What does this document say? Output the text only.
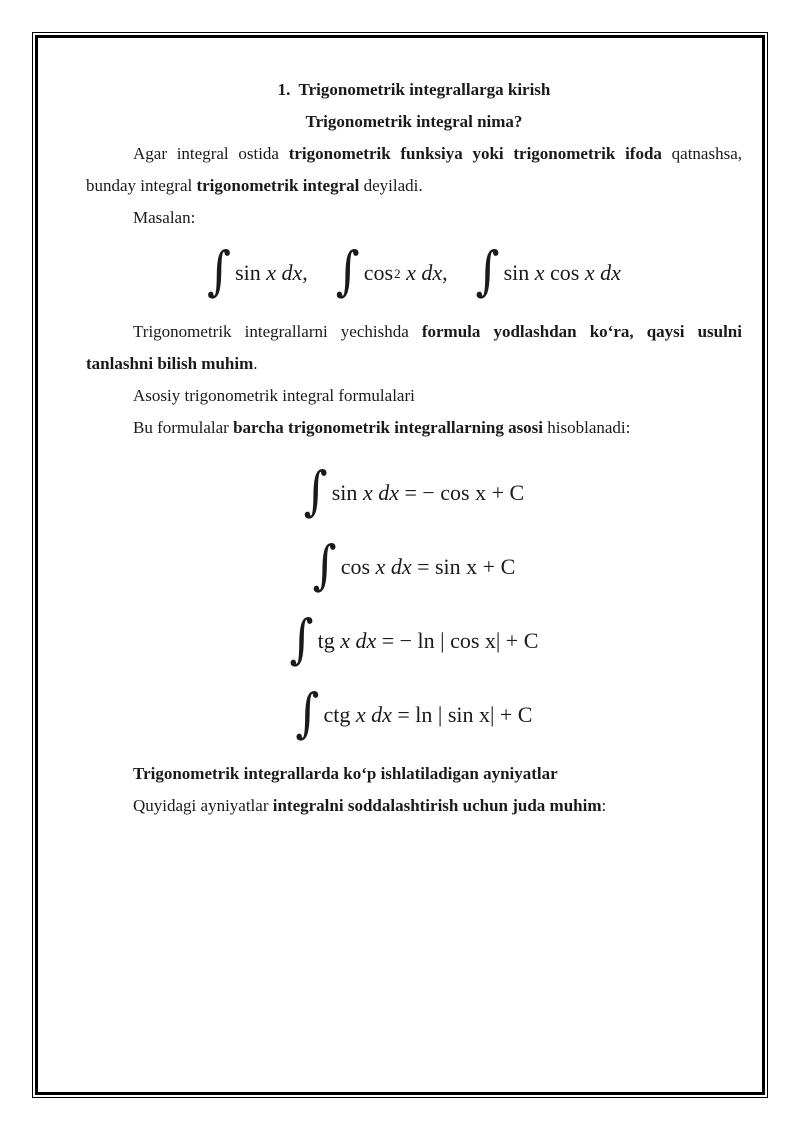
1. Trigonometrik integrallarga kirish

Trigonometrik integral nima?

Agar integral ostida trigonometrik funksiya yoki trigonometrik ifoda qatnashsa, bunday integral trigonometrik integral deyiladi.

Masalan:

∫ sin
x
dx , ∫ cos 2
x
dx , ∫ sin
x
cos
x
dx

Trigonometrik integrallarni yechishda formula yodlashdan ko‘ra, qaysi usulni tanlashni bilish muhim.

Asosiy trigonometrik integral formulalari

Bu formulalar barcha trigonometrik integrallarning asosi hisoblanadi:

∫ sin
x
dx
= − cos x + C
∫ cos
x
dx
= sin x + C
∫ tg
x
dx
= − ln | cos x| + C
∫ ctg
x
dx
= ln | sin x| + C

Trigonometrik integrallarda ko‘p ishlatiladigan ayniyatlar

Quyidagi ayniyatlar integralni soddalashtirish uchun juda muhim:
